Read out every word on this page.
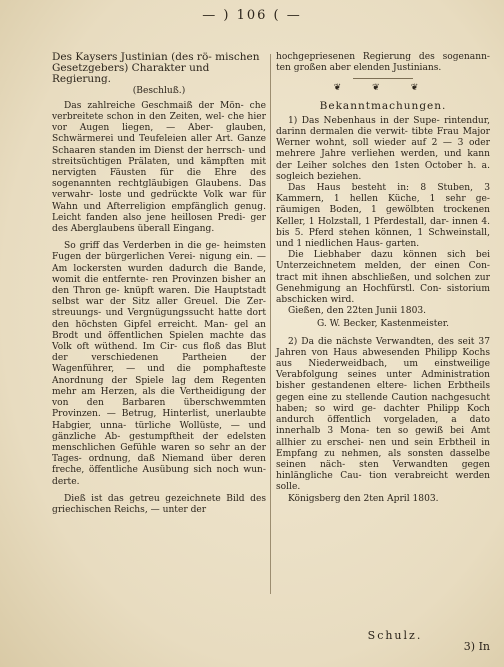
— ) 106 ( —

Des Kaysers Justinian (des rö- mischen Gesetzgebers) Charakter und Regierung.

(Beschluß.)

Das zahlreiche Geschmaiß der Mön- che verbreitete schon in den Zeiten, wel- che hier vor Augen liegen, — Aber- glauben, Schwärmerei und Teufeleien aller Art. Ganze Schaaren standen im Dienst der herrsch- und streitsüchtigen Prälaten, und kämpften mit nervigten Fäusten für die Ehre des sogenannten rechtgläubigen Glaubens. Das verwahr- loste und gedrückte Volk war für Wahn und Afterreligion empfänglich genug. Leicht fanden also jene heillosen Predi- ger des Aberglaubens überall Eingang.

So griff das Verderben in die ge- heimsten Fugen der bürgerlichen Verei- nigung ein. — Am lockersten wurden dadurch die Bande, womit die entfernte- ren Provinzen bisher an den Thron ge- knüpft waren. Die Hauptstadt selbst war der Sitz aller Greuel. Die Zer- streuungs- und Vergnügungssucht hatte dort den höchsten Gipfel erreicht. Man- gel an Brodt und öffentlichen Spielen machte das Volk oft wüthend. Im Cir- cus floß das Blut der verschiedenen Partheien der Wagenführer, — und die pomphafteste Anordnung der Spiele lag dem Regenten mehr am Herzen, als die Vertheidigung der von den Barbaren überschwemmten Provinzen. — Betrug, Hinterlist, unerlaubte Habgier, unna- türliche Wollüste, — und gänzliche Ab- gestumpftheit der edelsten menschlichen Gefühle waren so sehr an der Tages- ordnung, daß Niemand über deren freche, öffentliche Ausübung sich noch wun- derte.

Dieß ist das getreu gezeichnete Bild des griechischen Reichs, — unter der

hochgepriesenen Regierung des sogenann- ten großen aber elenden Justinians.

❦ ❦ ❦
Bekanntmachungen.

1) Das Nebenhaus in der Supe- rintendur, darinn dermalen die verwit- tibte Frau Major Werner wohnt, soll wieder auf 2 — 3 oder mehrere Jahre verliehen werden, und kann der Leiher solches den 1sten October h. a. sogleich beziehen.

Das Haus besteht in: 8 Stuben, 3 Kammern, 1 hellen Küche, 1 sehr ge- räumigen Boden, 1 gewölbten trockenen Keller, 1 Holzstall, 1 Pferdestall, dar- innen 4. bis 5. Pferd stehen können, 1 Schweinstall, und 1 niedlichen Haus- garten.

Die Liebhaber dazu können sich bei Unterzeichnetem melden, der einen Con- tract mit ihnen abschließen, und solchen zur Genehmigung an Hochfürstl. Con- sistorium abschicken wird.

Gießen, den 22ten Junii 1803.

G. W. Becker, Kastenmeister.

2) Da die nächste Verwandten, des seit 37 Jahren von Haus abwesenden Philipp Kochs aus Niederweidbach, um einstweilige Verabfolgung seines unter Administration bisher gestandenen eltere- lichen Erbtheils gegen eine zu stellende Caution nachgesucht haben; so wird ge- dachter Philipp Koch andurch öffentlich vorgeladen, a dato innerhalb 3 Mona- ten so gewiß bei Amt allhier zu erschei- nen und sein Erbtheil in Empfang zu nehmen, als sonsten dasselbe seinen näch- sten Verwandten gegen hinlängliche Cau- tion verabreicht werden solle.

Königsberg den 2ten April 1803.

Schulz.
3) In
